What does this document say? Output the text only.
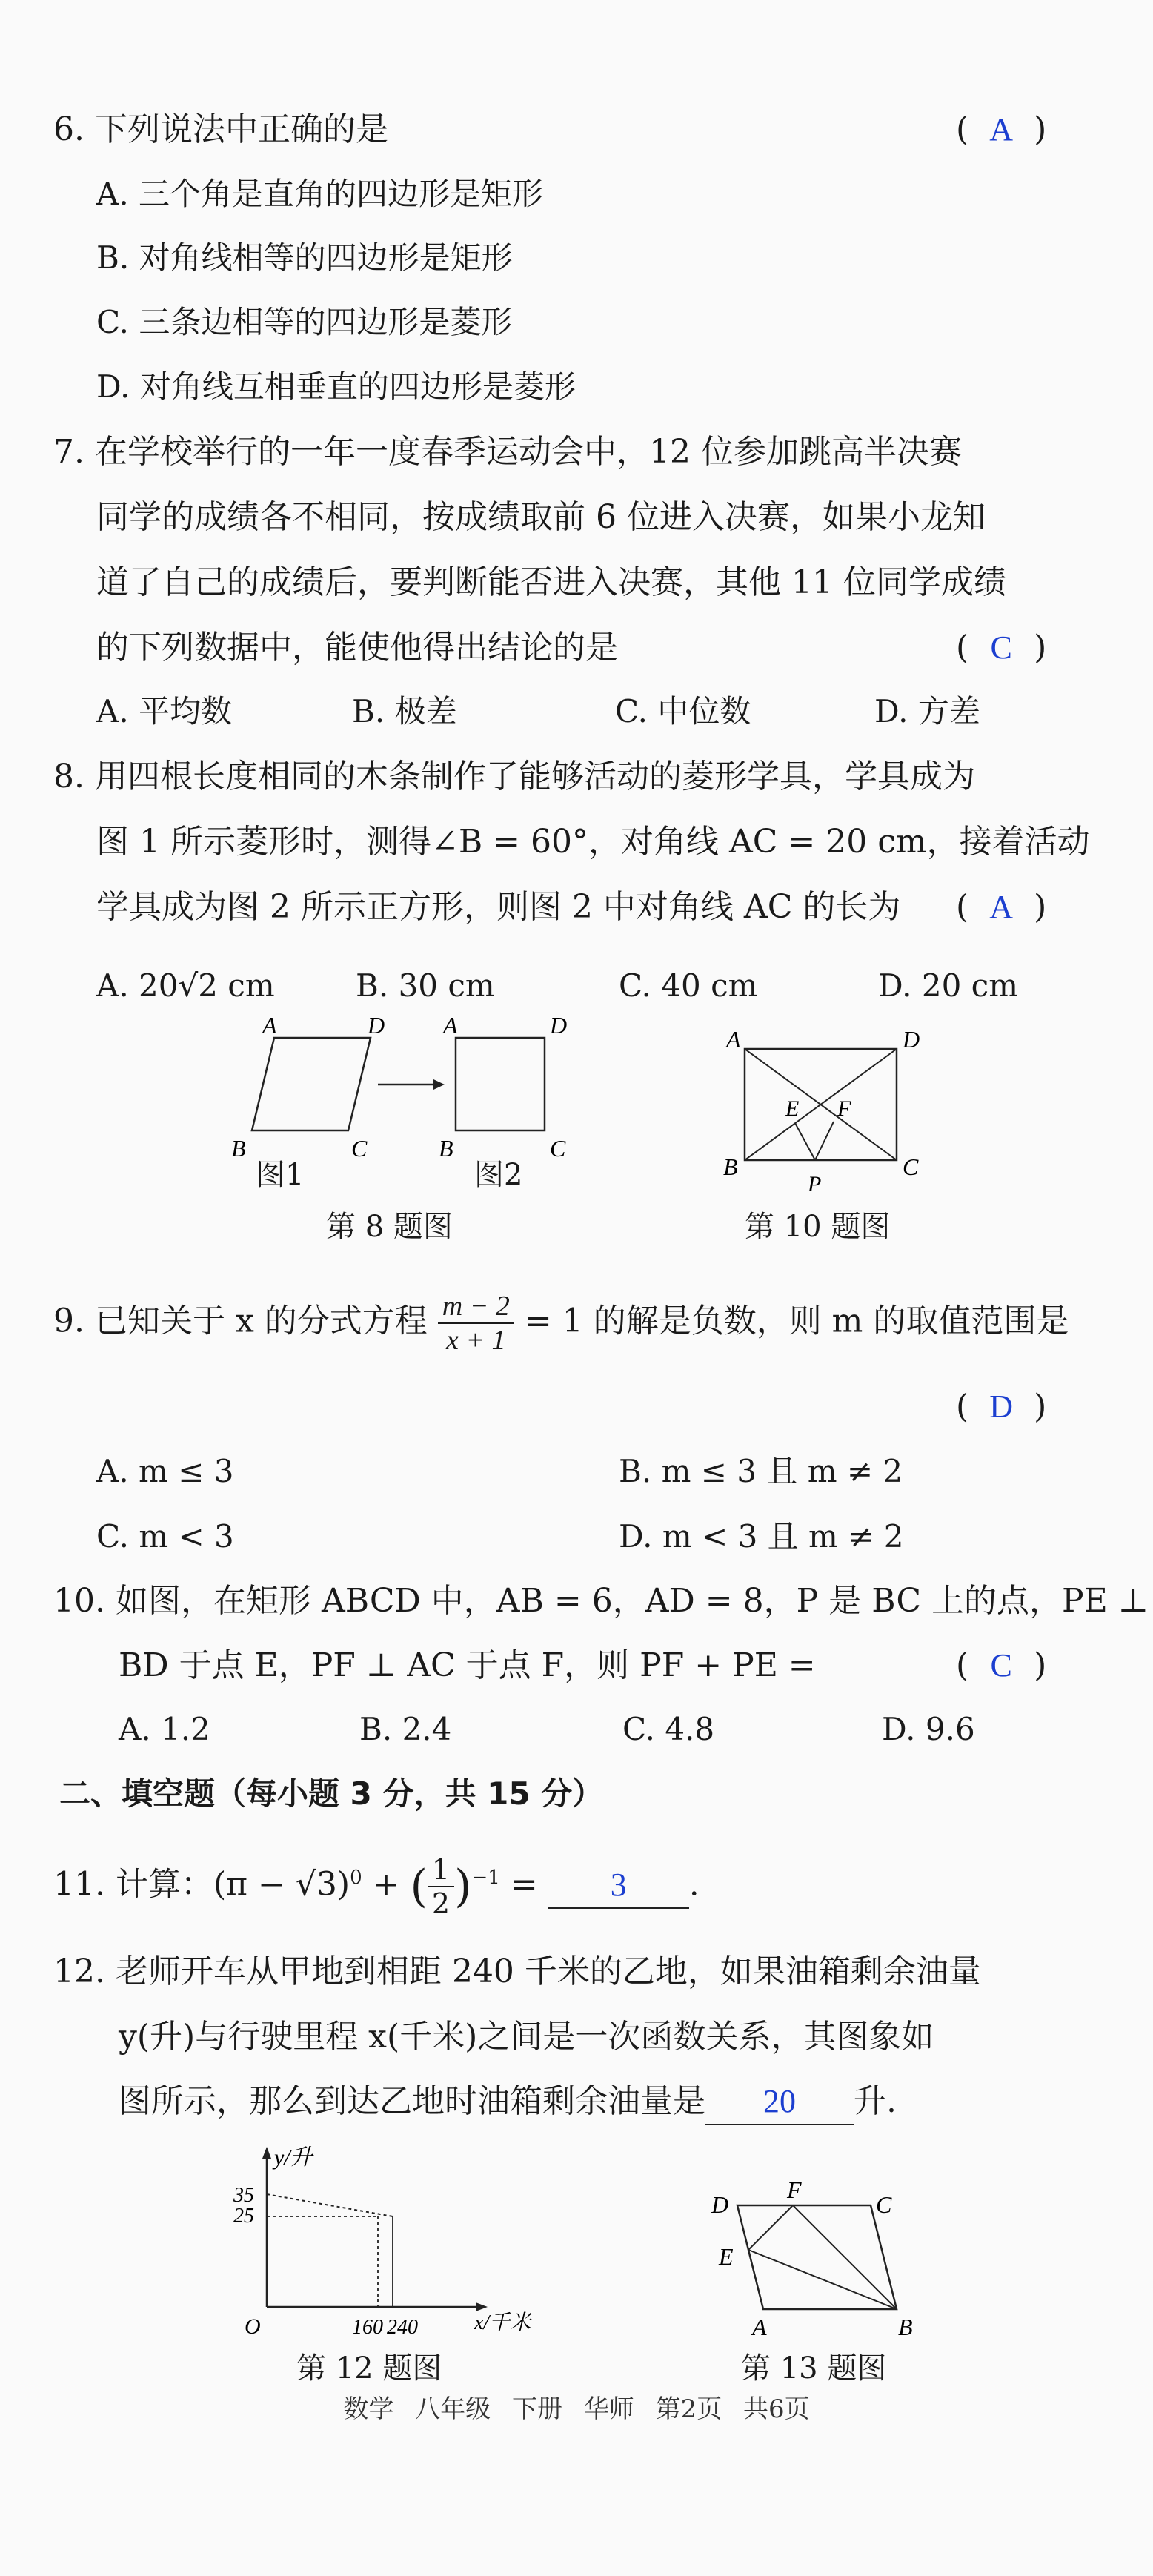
6. 下列说法中正确的是	( A )
A. 三个角是直角的四边形是矩形
B. 对角线相等的四边形是矩形
C. 三条边相等的四边形是菱形
D. 对角线互相垂直的四边形是菱形
7. 在学校举行的一年一度春季运动会中，12 位参加跳高半决赛
同学的成绩各不相同，按成绩取前 6 位进入决赛，如果小龙知
道了自己的成绩后，要判断能否进入决赛，其他 11 位同学成绩
的下列数据中，能使他得出结论的是	( C )
A. 平均数	B. 极差	C. 中位数	D. 方差
8. 用四根长度相同的木条制作了能够活动的菱形学具，学具成为
图 1 所示菱形时，测得∠B = 60°，对角线 AC = 20 cm，接着活动
学具成为图 2 所示正方形，则图 2 中对角线 AC 的长为 ( A )
A. 20√2 cm	B. 30 cm	C. 40 cm	D. 20 cm
A	D
B	C
A	D
B	C
图1	图2
第 8 题图
A	D
B	C
E F
P
第 10 题图
9. 已知关于 x 的分式方程 $\frac{m - 2}{x + 1} = 1$ 的解是负数，则 m 的取值范围是
( D )
A. m ≤ 3	B. m ≤ 3 且 m ≠ 2
C. m < 3	D. m < 3 且 m ≠ 2
10. 如图，在矩形 ABCD 中，AB = 6，AD = 8，P 是 BC 上的点，PE ⊥
BD 于点 E，PF ⊥ AC 于点 F，则 PF + PE =	( C )
A. 1.2	B. 2.4	C. 4.8	D. 9.6
二、填空题（每小题 3 分，共 15 分）
11. 计算：$(\pi - √3)^0$ + ( $\frac{1}{2} )^{-1} = 3$ .
12. 老师开车从甲地到相距 240 千米的乙地，如果油箱剩余油量
y(升)与行驶里程 x(千米)之间是一次函数关系，其图象如
图所示，那么到达乙地时油箱剩余油量是 20 升.
y/升
x/千米
O
35
25
160 240
第 12 题图
D
F
C
E
A	B
第 13 题图
数学 八年级 下册 华师 第2页 共6页
